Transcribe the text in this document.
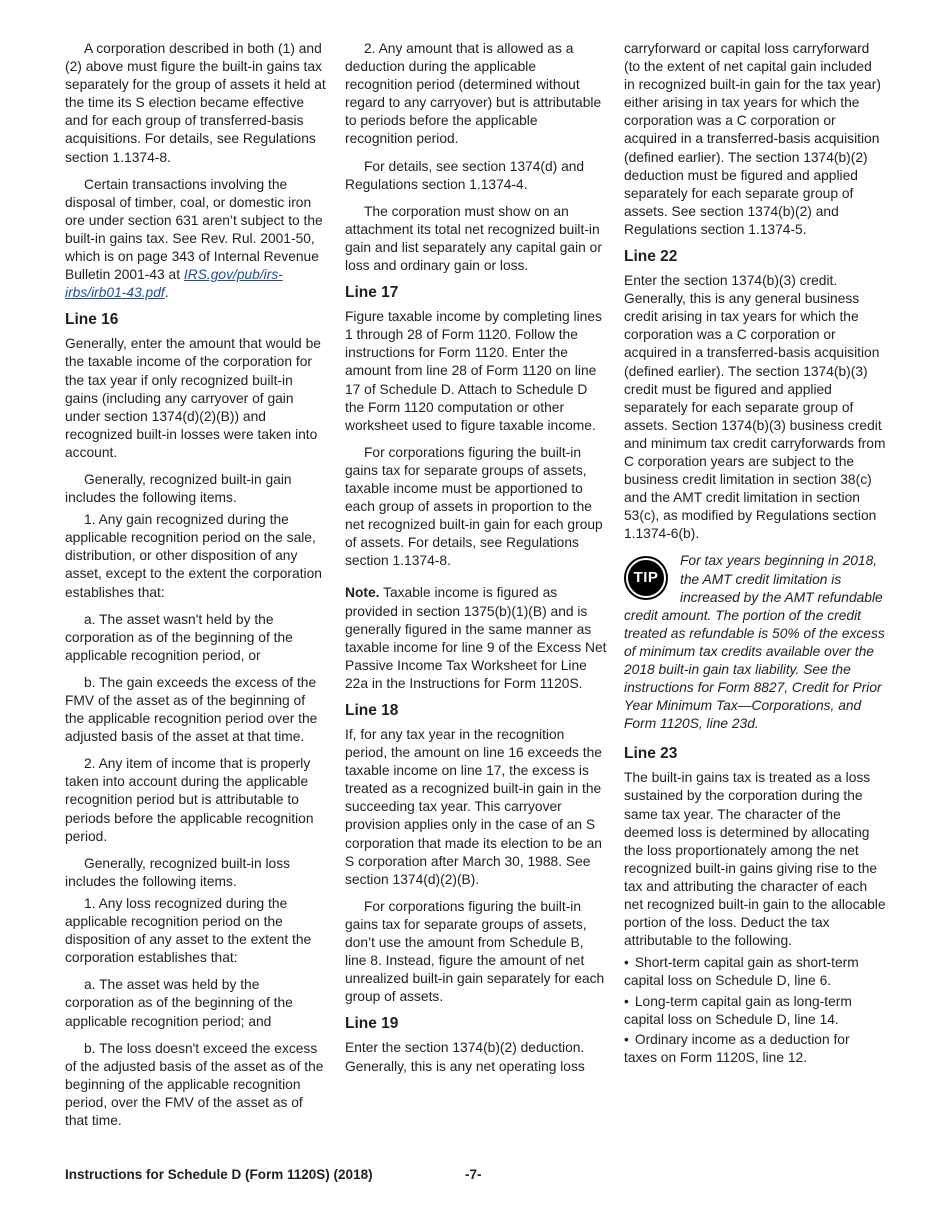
A corporation described in both (1) and (2) above must figure the built-in gains tax separately for the group of assets it held at the time its S election became effective and for each group of transferred-basis acquisitions. For details, see Regulations section 1.1374-8.

Certain transactions involving the disposal of timber, coal, or domestic iron ore under section 631 aren’t subject to the built-in gains tax. See Rev. Rul. 2001-50, which is on page 343 of Internal Revenue Bulletin 2001-43 at IRS.gov/pub/irs-irbs/irb01-43.pdf.

Line 16

Generally, enter the amount that would be the taxable income of the corporation for the tax year if only recognized built-in gains (including any carryover of gain under section 1374(d)(2)(B)) and recognized built-in losses were taken into account.

Generally, recognized built-in gain includes the following items.

1. Any gain recognized during the applicable recognition period on the sale, distribution, or other disposition of any asset, except to the extent the corporation establishes that:

a. The asset wasn't held by the corporation as of the beginning of the applicable recognition period, or

b. The gain exceeds the excess of the FMV of the asset as of the beginning of the applicable recognition period over the adjusted basis of the asset at that time.

2. Any item of income that is properly taken into account during the applicable recognition period but is attributable to periods before the applicable recognition period.

Generally, recognized built-in loss includes the following items.

1. Any loss recognized during the applicable recognition period on the disposition of any asset to the extent the corporation establishes that:

a. The asset was held by the corporation as of the beginning of the applicable recognition period; and

b. The loss doesn't exceed the excess of the adjusted basis of the asset as of the beginning of the applicable recognition period, over the FMV of the asset as of that time.

2. Any amount that is allowed as a deduction during the applicable recognition period (determined without regard to any carryover) but is attributable to periods before the applicable recognition period.

For details, see section 1374(d) and Regulations section 1.1374-4.

The corporation must show on an attachment its total net recognized built-in gain and list separately any capital gain or loss and ordinary gain or loss.

Line 17

Figure taxable income by completing lines 1 through 28 of Form 1120. Follow the instructions for Form 1120. Enter the amount from line 28 of Form 1120 on line 17 of Schedule D. Attach to Schedule D the Form 1120 computation or other worksheet used to figure taxable income.

For corporations figuring the built-in gains tax for separate groups of assets, taxable income must be apportioned to each group of assets in proportion to the net recognized built-in gain for each group of assets. For details, see Regulations section 1.1374-8.

Note. Taxable income is figured as provided in section 1375(b)(1)(B) and is generally figured in the same manner as taxable income for line 9 of the Excess Net Passive Income Tax Worksheet for Line 22a in the Instructions for Form 1120S.

Line 18

If, for any tax year in the recognition period, the amount on line 16 exceeds the taxable income on line 17, the excess is treated as a recognized built-in gain in the succeeding tax year. This carryover provision applies only in the case of an S corporation that made its election to be an S corporation after March 30, 1988. See section 1374(d)(2)(B).

For corporations figuring the built-in gains tax for separate groups of assets, don’t use the amount from Schedule B, line 8. Instead, figure the amount of net unrealized built-in gain separately for each group of assets.

Line 19

Enter the section 1374(b)(2) deduction. Generally, this is any net operating loss

carryforward or capital loss carryforward (to the extent of net capital gain included in recognized built-in gain for the tax year) either arising in tax years for which the corporation was a C corporation or acquired in a transferred-basis acquisition (defined earlier). The section 1374(b)(2) deduction must be figured and applied separately for each separate group of assets. See section 1374(b)(2) and Regulations section 1.1374-5.

Line 22

Enter the section 1374(b)(3) credit. Generally, this is any general business credit arising in tax years for which the corporation was a C corporation or acquired in a transferred-basis acquisition (defined earlier). The section 1374(b)(3) credit must be figured and applied separately for each separate group of assets. Section 1374(b)(3) business credit and minimum tax credit carryforwards from C corporation years are subject to the business credit limitation in section 38(c) and the AMT credit limitation in section 53(c), as modified by Regulations section 1.1374-6(b).

TIP
For tax years beginning in 2018, the AMT credit limitation is increased by the AMT refundable credit amount. The portion of the credit treated as refundable is 50% of the excess of minimum tax credits available over the 2018 built-in gain tax liability. See the instructions for Form 8827, Credit for Prior Year Minimum Tax—Corporations, and Form 1120S, line 23d.
Line 23

The built-in gains tax is treated as a loss sustained by the corporation during the same tax year. The character of the deemed loss is determined by allocating the loss proportionately among the net recognized built-in gains giving rise to the tax and attributing the character of each net recognized built-in gain to the allocable portion of the loss. Deduct the tax attributable to the following.

• Short-term capital gain as short-term capital loss on Schedule D, line 6.
• Long-term capital gain as long-term capital loss on Schedule D, line 14.
• Ordinary income as a deduction for taxes on Form 1120S, line 12.
Instructions for Schedule D (Form 1120S) (2018)	-7-
